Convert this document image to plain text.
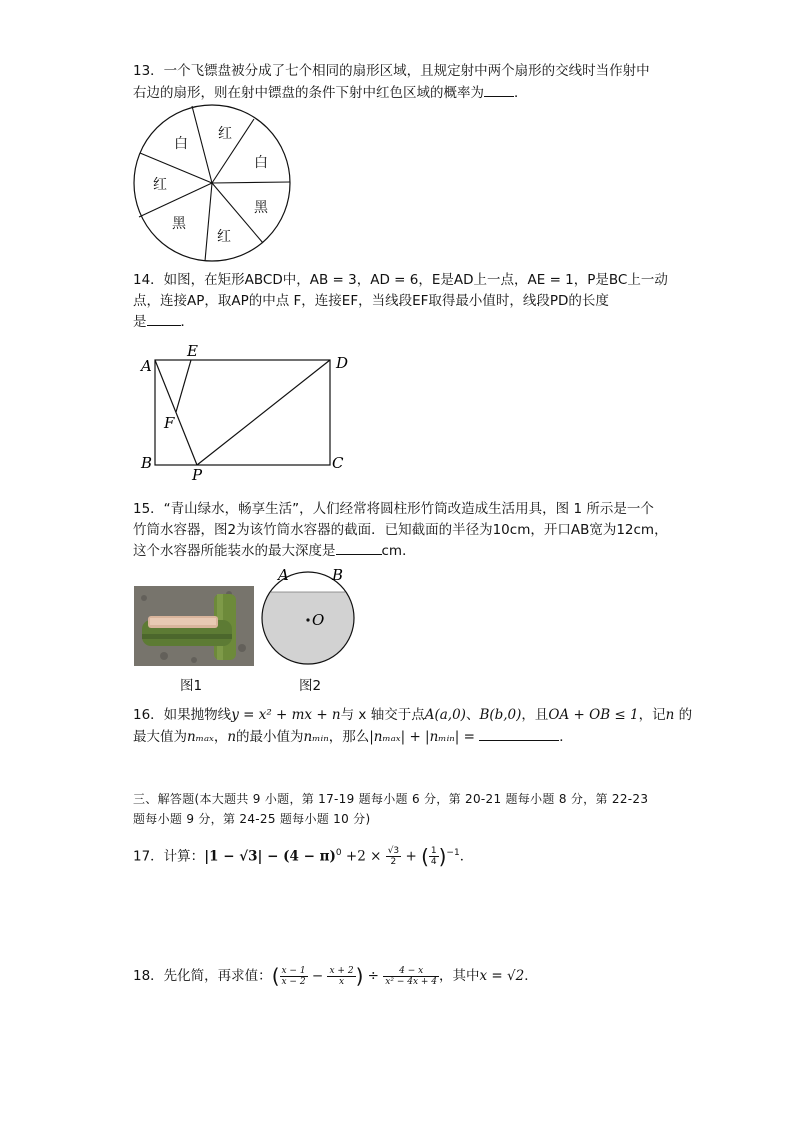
13．一个飞镖盘被分成了七个相同的扇形区域，且规定射中两个扇形的交线时当作射中
右边的扇形，则在射中镖盘的条件下射中红色区域的概率为 ．
红
白
黑
红
黑
红
白
14．如图，在矩形ABCD中，AB = 3，AD = 6，E是AD上一点，AE = 1，P是BC上一动
点，连接AP，取AP的中点 F，连接EF，当线段EF取得最小值时，线段PD的长度
是	．
A
E
D
F
B
P
C
15．“青山绿水，畅享生活”，人们经常将圆柱形竹筒改造成生活用具，图 1 所示是一个
竹筒水容器，图2为该竹筒水容器的截面．已知截面的半径为10cm，开口AB宽为12cm，
这个水容器所能装水的最大深度是	cm．
A	B
O
图1	图2
16．如果抛物线y = x² + mx + n与 x 轴交于点A(a,0)、B(b,0)，且OA + OB ≤ 1，记n 的
最大值为nₘₐₓ，n的最小值为nₘᵢₙ，那么|nₘₐₓ| + |nₘᵢₙ| =	．
三、解答题(本大题共 9 小题，第 17-19 题每小题 6 分，第 20-21 题每小题 8 分，第 22-23
题每小题 9 分，第 24-25 题每小题 10 分)
17．计算：$|1 - √3| - (4 - \pi)^0 +2 \times \frac{√3}{2}$ + ( $\frac{1}{4} )^{-1}$．
18．先化简，再求值：( $\frac{x - 1}{x - 2} - \frac{x + 2}{x}$ ) ÷ $\frac{4 - x}{\text{x² − 4x + 4}}$ ，其中x = √2．
